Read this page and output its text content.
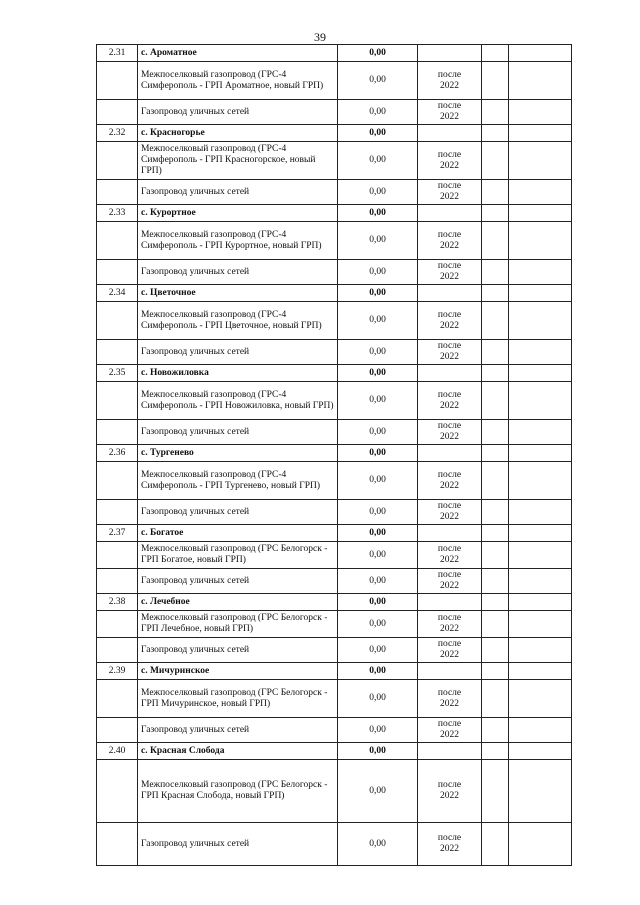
39
2.31	с. Ароматное	0,00			
	Межпоселковый газопровод (ГРС-4 Симферополь - ГРП Ароматное, новый ГРП)	0,00	после
2022		

	Газопровод уличных сетей	0,00	после
2022		

2.32	с. Красногорье	0,00			
	Межпоселковый газопровод (ГРС-4 Симферополь - ГРП Красногорское, новый ГРП)	0,00	после
2022		

	Газопровод уличных сетей	0,00	после
2022		

2.33	с. Курортное	0,00			
	Межпоселковый газопровод (ГРС-4 Симферополь - ГРП Курортное, новый ГРП)	0,00	после
2022		

	Газопровод уличных сетей	0,00	после
2022		

2.34	с. Цветочное	0,00			
	Межпоселковый газопровод (ГРС-4 Симферополь - ГРП Цветочное, новый ГРП)	0,00	после
2022		

	Газопровод уличных сетей	0,00	после
2022		

2.35	с. Новожиловка	0,00			
	Межпоселковый газопровод (ГРС-4 Симферополь - ГРП Новожиловка, новый ГРП)	0,00	после
2022		

	Газопровод уличных сетей	0,00	после
2022		

2.36	с. Тургенево	0,00			
	Межпоселковый газопровод (ГРС-4 Симферополь - ГРП Тургенево, новый ГРП)	0,00	после
2022		

	Газопровод уличных сетей	0,00	после
2022		

2.37	с. Богатое	0,00			
	Межпоселковый газопровод (ГРС Белогорск - ГРП Богатое, новый ГРП)	0,00	после
2022		

	Газопровод уличных сетей	0,00	после
2022		

2.38	с. Лечебное	0,00			
	Межпоселковый газопровод (ГРС Белогорск - ГРП Лечебное, новый ГРП)	0,00	после
2022		

	Газопровод уличных сетей	0,00	после
2022		

2.39	с. Мичуринское	0,00			
	Межпоселковый газопровод (ГРС Белогорск - ГРП Мичуринское, новый ГРП)	0,00	после
2022		

	Газопровод уличных сетей	0,00	после
2022		

2.40	с. Красная Слобода	0,00			
	Межпоселковый газопровод (ГРС Белогорск - ГРП Красная Слобода, новый ГРП)	0,00	после
2022		

	Газопровод уличных сетей	0,00	после
2022		
